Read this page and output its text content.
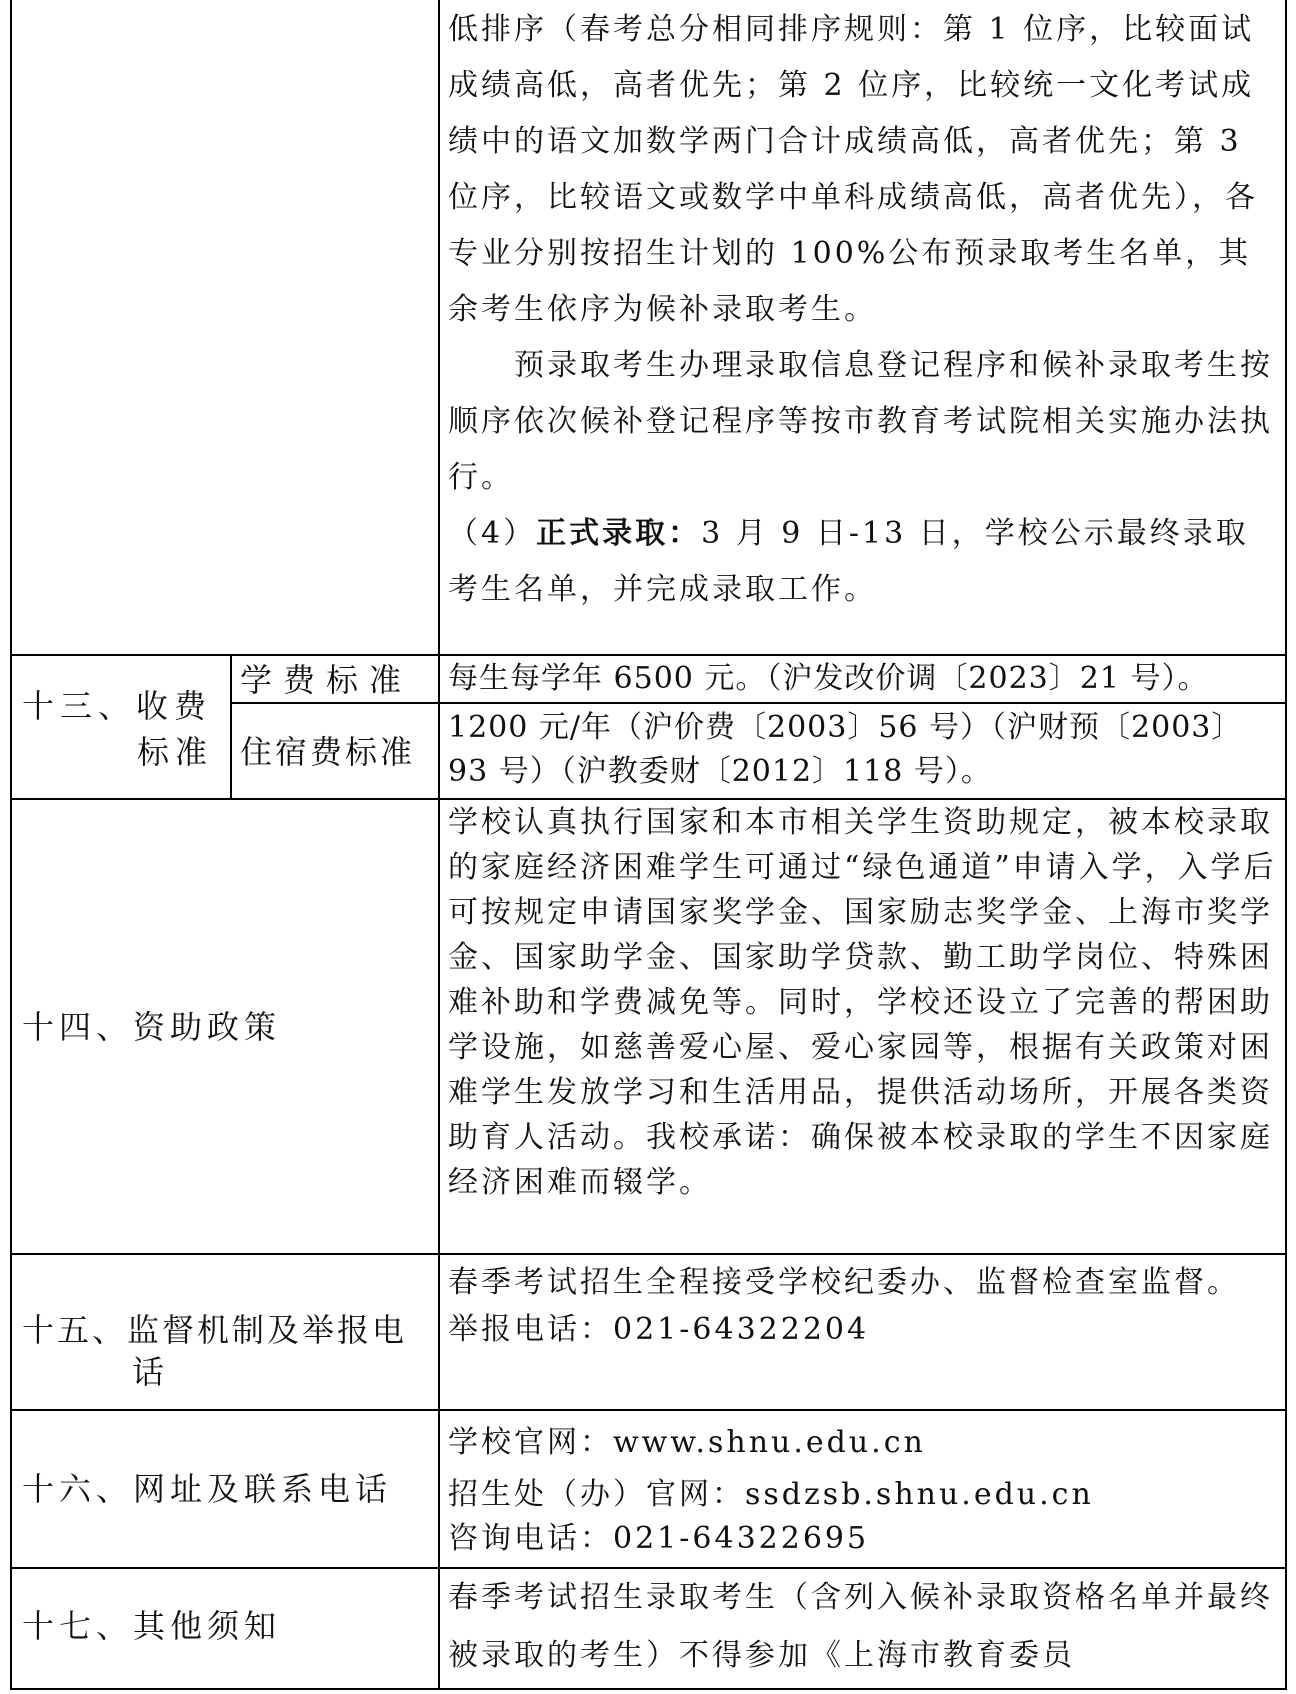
低排序（春考总分相同排序规则：第 1 位序，比较面试成绩高低，高者优先；第 2 位序，比较统一文化考试成绩中的语文加数学两门合计成绩高低，高者优先；第 3 位序，比较语文或数学中单科成绩高低，高者优先），各专业分别按招生计划的 100%公布预录取考生名单，其余考生依序为候补录取考生。

预录取考生办理录取信息登记程序和候补录取考生按顺序依次候补登记程序等按市教育考试院相关实施办法执行。

（4）正式录取：3 月 9 日-13 日，学校公示最终录取考生名单，并完成录取工作。

十三、收费
标准
学费标准 每生每学年 6500 元。（沪发改价调〔2023〕21 号）。
住宿费标准
1200 元/年（沪价费〔2003〕56 号）（沪财预〔2003〕93 号）（沪教委财〔2012〕118 号）。
十四、资助政策
学校认真执行国家和本市相关学生资助规定，被本校录取的家庭经济困难学生可通过“绿色通道”申请入学，入学后可按规定申请国家奖学金、国家励志奖学金、上海市奖学金、国家助学金、国家助学贷款、勤工助学岗位、特殊困难补助和学费减免等。同时，学校还设立了完善的帮困助学设施，如慈善爱心屋、爱心家园等，根据有关政策对困难学生发放学习和生活用品，提供活动场所，开展各类资助育人活动。我校承诺：确保被本校录取的学生不因家庭经济困难而辍学。
十五、监督机制及举报电
话

春季考试招生全程接受学校纪委办、监督检查室监督。

举报电话：021-64322204

十六、网址及联系电话

学校官网：www.shnu.edu.cn

招生处（办）官网：ssdzsb.shnu.edu.cn

咨询电话：021-64322695

十七、其他须知
春季考试招生录取考生（含列入候补录取资格名单并最终被录取的考生）不得参加《上海市教育委员
